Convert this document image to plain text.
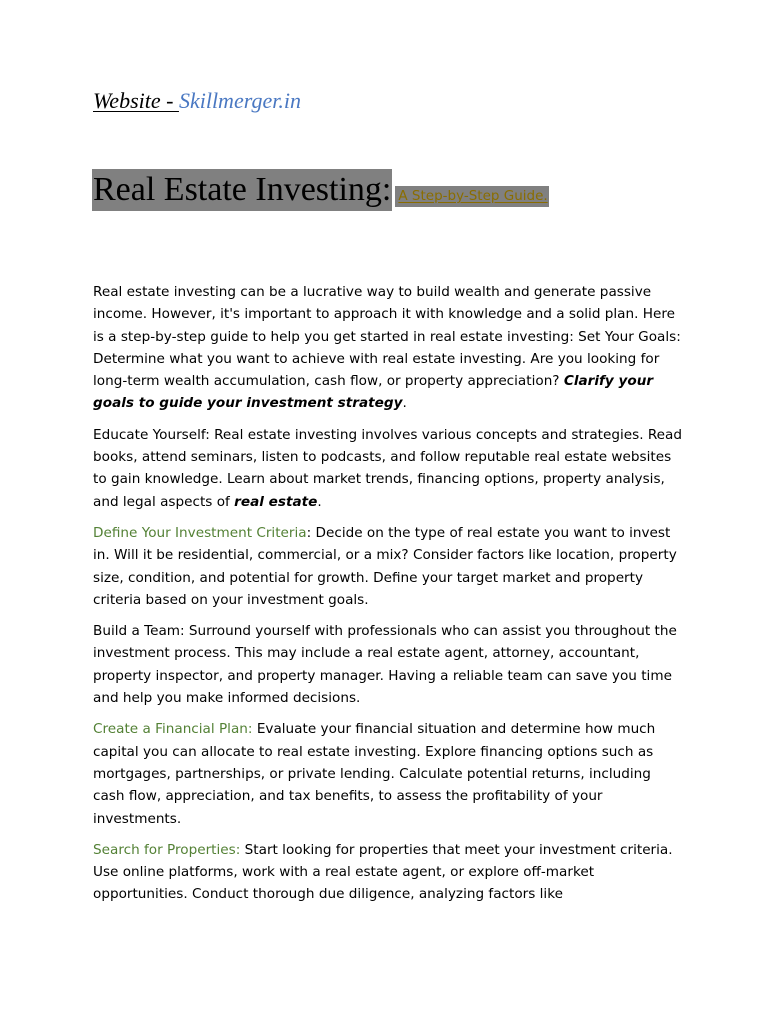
Website - Skillmerger.in
Real Estate Investing: A Step-by-Step Guide.

Real estate investing can be a lucrative way to build wealth and generate passive income. However, it's important to approach it with knowledge and a solid plan. Here is a step-by-step guide to help you get started in real estate investing: Set Your Goals: Determine what you want to achieve with real estate investing. Are you looking for long-term wealth accumulation, cash flow, or property appreciation? Clarify your goals to guide your investment strategy.

Educate Yourself: Real estate investing involves various concepts and strategies. Read books, attend seminars, listen to podcasts, and follow reputable real estate websites to gain knowledge. Learn about market trends, financing options, property analysis, and legal aspects of real estate.

Define Your Investment Criteria: Decide on the type of real estate you want to invest in. Will it be residential, commercial, or a mix? Consider factors like location, property size, condition, and potential for growth. Define your target market and property criteria based on your investment goals.

Build a Team: Surround yourself with professionals who can assist you throughout the investment process. This may include a real estate agent, attorney, accountant, property inspector, and property manager. Having a reliable team can save you time and help you make informed decisions.

Create a Financial Plan: Evaluate your financial situation and determine how much capital you can allocate to real estate investing. Explore financing options such as mortgages, partnerships, or private lending. Calculate potential returns, including cash flow, appreciation, and tax benefits, to assess the profitability of your investments.

Search for Properties: Start looking for properties that meet your investment criteria. Use online platforms, work with a real estate agent, or explore off-market opportunities. Conduct thorough due diligence, analyzing factors like
